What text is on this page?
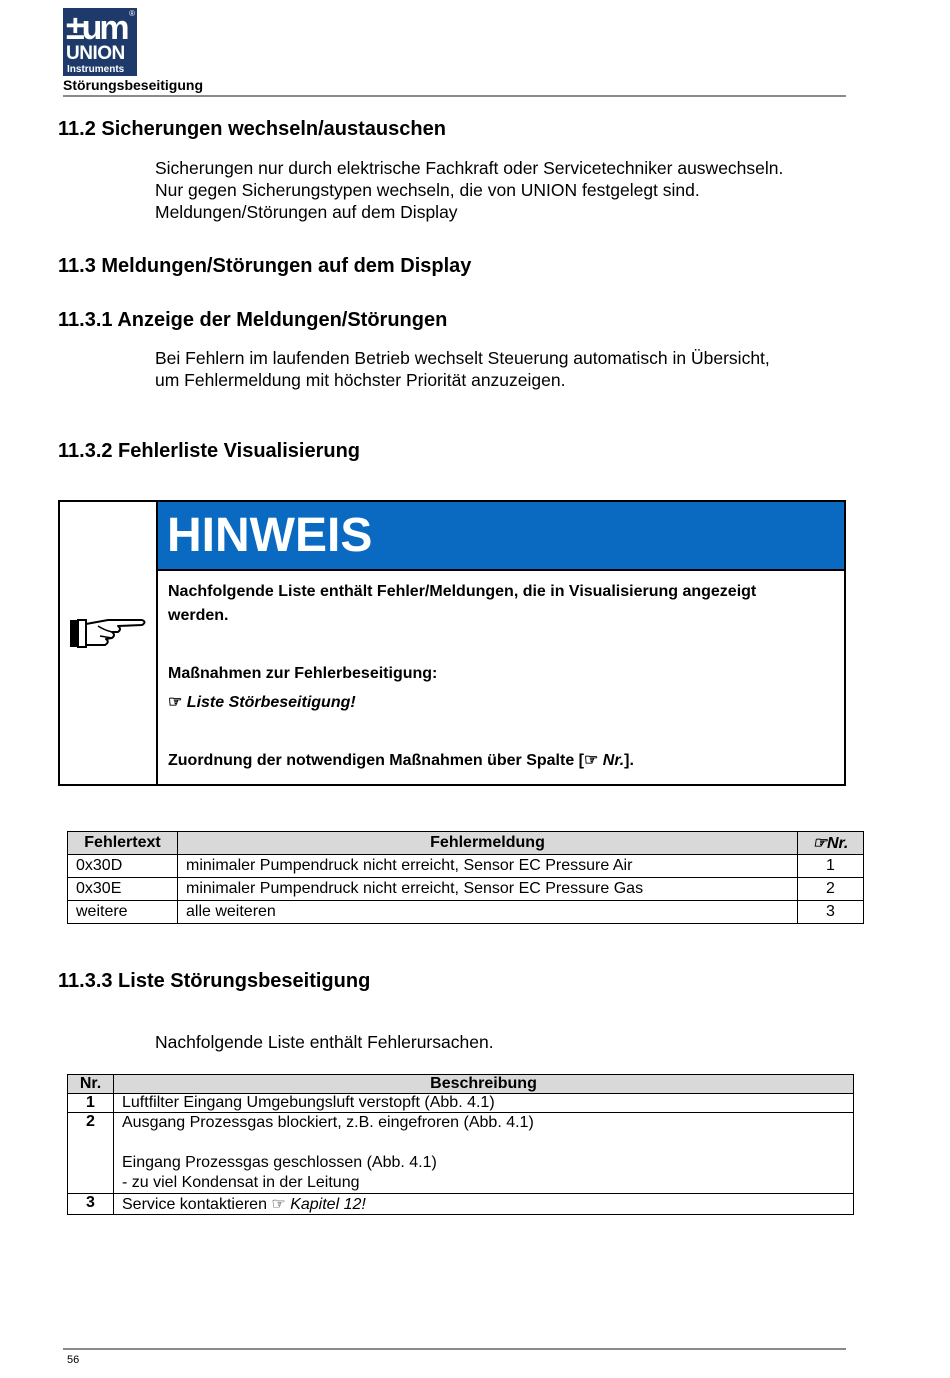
±um ®
UNION
Instruments
Störungsbeseitigung
11.2 Sicherungen wechseln/austauschen
Sicherungen nur durch elektrische Fachkraft oder Servicetechniker auswechseln.
Nur gegen Sicherungstypen wechseln, die von UNION festgelegt sind.
Meldungen/Störungen auf dem Display
11.3 Meldungen/Störungen auf dem Display
11.3.1 Anzeige der Meldungen/Störungen
Bei Fehlern im laufenden Betrieb wechselt Steuerung automatisch in Übersicht,
um Fehlermeldung mit höchster Priorität anzuzeigen.
11.3.2 Fehlerliste Visualisierung
HINWEIS
Nachfolgende Liste enthält Fehler/Meldungen, die in Visualisierung angezeigt
werden.
Maßnahmen zur Fehlerbeseitigung:
☞ Liste Störbeseitigung!
Zuordnung der notwendigen Maßnahmen über Spalte [☞ Nr.].
Fehlertext	Fehlermeldung	☞Nr.
0x30D	minimaler Pumpendruck nicht erreicht, Sensor EC Pressure Air	1
0x30E	minimaler Pumpendruck nicht erreicht, Sensor EC Pressure Gas	2
weitere	alle weiteren	3
11.3.3 Liste Störungsbeseitigung
Nachfolgende Liste enthält Fehlerursachen.
Nr.	Beschreibung
1	Luftfilter Eingang Umgebungsluft verstopft (Abb. 4.1)
2	Ausgang Prozessgas blockiert, z.B. eingefroren (Abb. 4.1)
Eingang Prozessgas geschlossen (Abb. 4.1)
- zu viel Kondensat in der Leitung

3	Service kontaktieren ☞ Kapitel 12!
56
